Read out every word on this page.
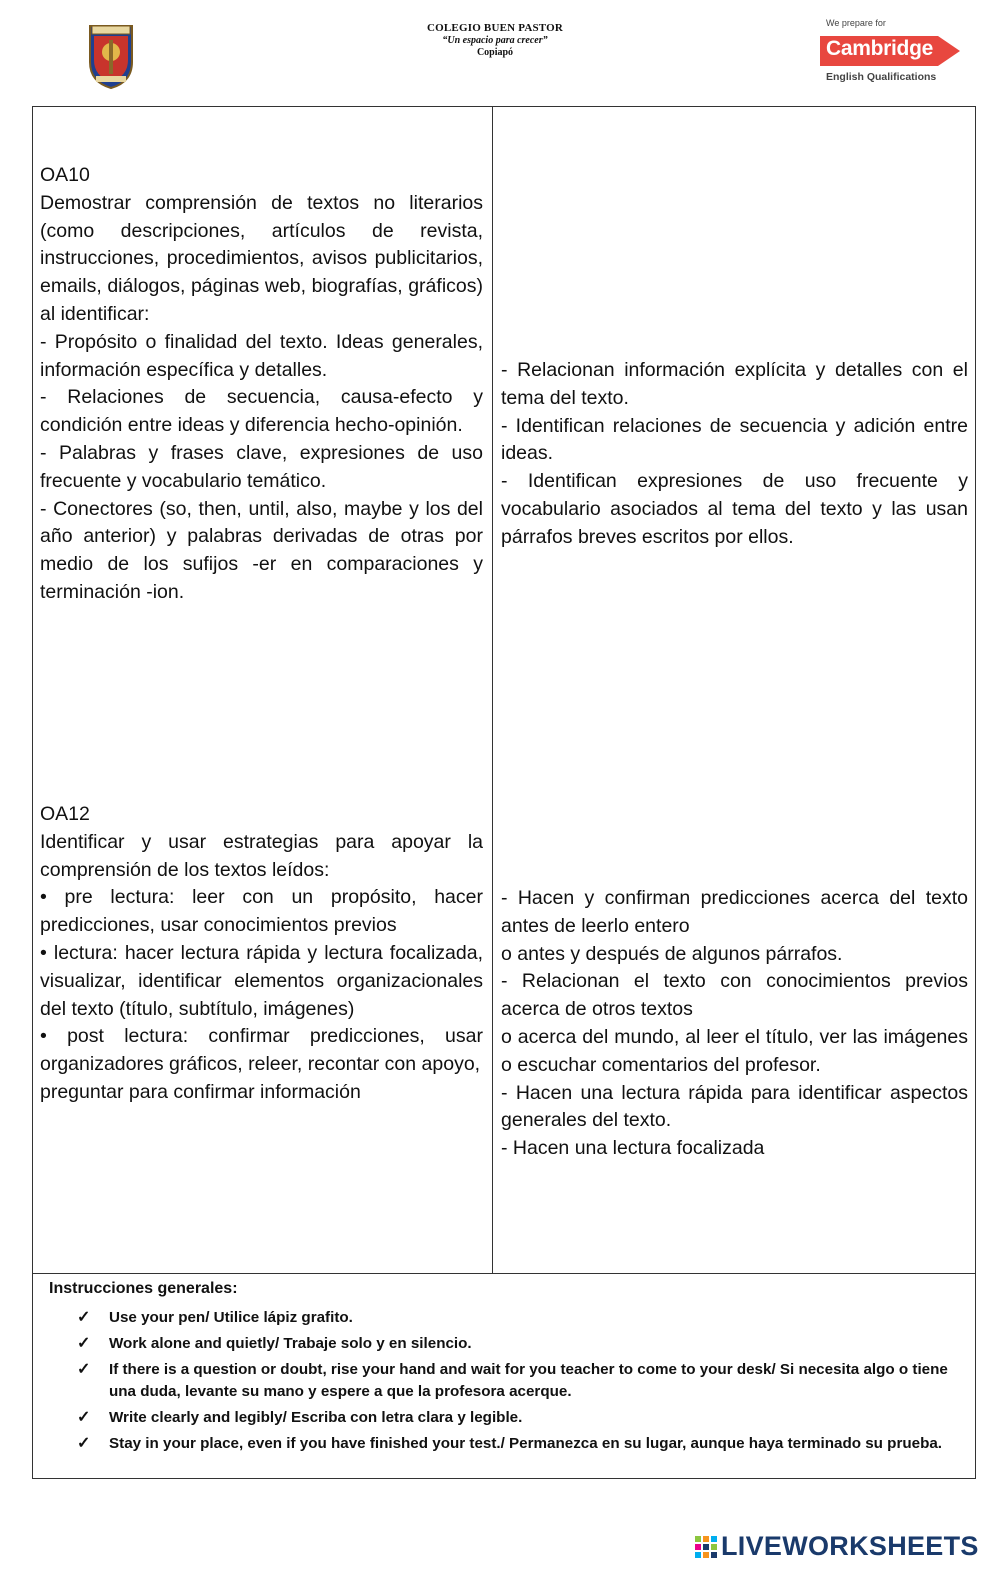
COLEGIO BUEN PASTOR
“Un espacio para crecer”
Copiapó
We prepare for
Cambridge
English Qualifications

OA10

Demostrar comprensión de textos no literarios (como descripciones, artículos de revista, instrucciones, procedimientos, avisos publicitarios, emails, diálogos, páginas web, biografías, gráficos) al identificar:

- Propósito o finalidad del texto. Ideas generales, información específica y detalles.

- Relaciones de secuencia, causa-efecto y condición entre ideas y diferencia hecho-opinión.

- Palabras y frases clave, expresiones de uso frecuente y vocabulario temático.

- Conectores (so, then, until, also, maybe y los del año anterior) y palabras derivadas de otras por medio de los sufijos -er en comparaciones y terminación -ion.

- Relacionan información explícita y detalles con el tema del texto.

- Identifican relaciones de secuencia y adición entre ideas.

- Identifican expresiones de uso frecuente y vocabulario asociados al tema del texto y las usan párrafos breves escritos por ellos.

OA12

Identificar y usar estrategias para apoyar la comprensión de los textos leídos:

• pre lectura: leer con un propósito, hacer predicciones, usar conocimientos previos

• lectura: hacer lectura rápida y lectura focalizada, visualizar, identificar elementos organizacionales del texto (título, subtítulo, imágenes)

• post lectura: confirmar predicciones, usar organizadores gráficos, releer, recontar con apoyo,

preguntar para confirmar información

- Hacen y confirman predicciones acerca del texto antes de leerlo entero

o antes y después de algunos párrafos.

- Relacionan el texto con conocimientos previos acerca de otros textos

o acerca del mundo, al leer el título, ver las imágenes o escuchar comentarios del profesor.

- Hacen una lectura rápida para identificar aspectos generales del texto.

- Hacen una lectura focalizada

Instrucciones generales:
✓ Use your pen/ Utilice lápiz grafito.
✓ Work alone and quietly/ Trabaje solo y en silencio.
✓ If there is a question or doubt, rise your hand and wait for you teacher to come to your desk/ Si necesita algo o tiene una duda, levante su mano y espere a que la profesora acerque.
✓ Write clearly and legibly/ Escriba con letra clara y legible.
✓ Stay in your place, even if you have finished your test./ Permanezca en su lugar, aunque haya terminado su prueba.
LIVEWORKSHEETS
